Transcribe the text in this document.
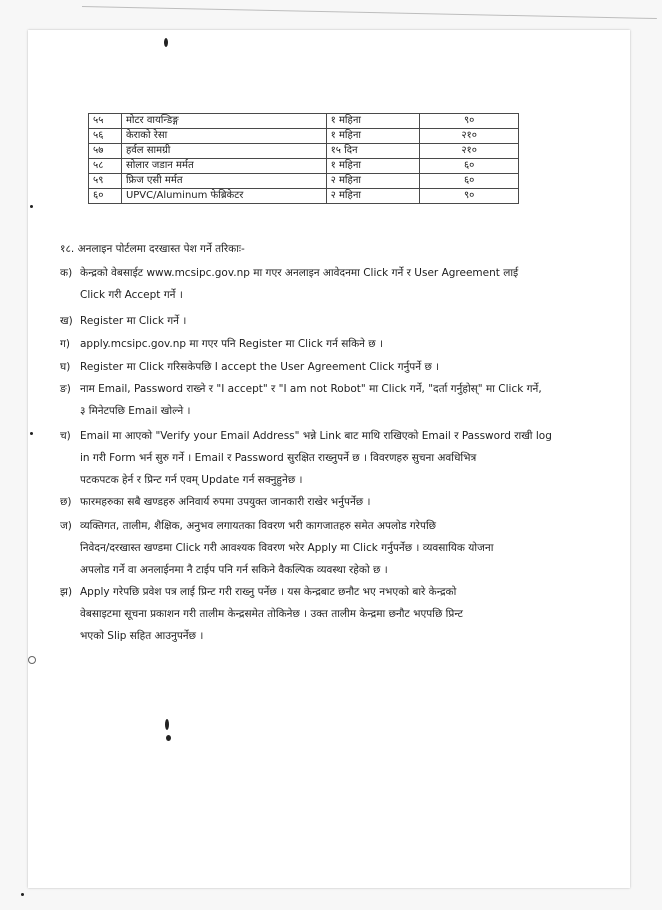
५५	मोटर वायन्डिङ्ग	१ महिना	९०
५६	केराको रेसा	१ महिना	२१०
५७	हर्वल सामग्री	१५ दिन	२१०
५८	सोलार जडान मर्मत	१ महिना	६०
५९	फ्रिज एसी मर्मत	२ महिना	६०
६०	UPVC/Aluminum फेब्रिकेटर	२ महिना	९०
१८. अनलाइन पोर्टलमा दरखास्त पेश गर्ने तरिकाः-
क) केन्द्रको वेबसाईट www.mcsipc.gov.np मा गएर अनलाइन आवेदनमा Click गर्ने र User Agreement लाई
Click गरी Accept गर्ने ।
ख) Register मा Click गर्ने ।
ग) apply.mcsipc.gov.np मा गएर पनि Register मा Click गर्न सकिने छ ।
घ) Register मा Click गरिसकेपछि I accept the User Agreement Click गर्नुपर्ने छ ।
ङ) नाम Email, Password राख्ने र "I accept" र "I am not Robot" मा Click गर्ने, "दर्ता गर्नुहोस्" मा Click गर्ने,
३ मिनेटपछि Email खोल्ने ।
च) Email मा आएको "Verify your Email Address" भन्ने Link बाट माथि राखिएको Email र Password राखी log
in गरी Form भर्न सुरु गर्ने । Email र Password सुरक्षित राख्नुपर्ने छ । विवरणहरु सुचना अवधिभित्र
पटकपटक हेर्न र प्रिन्ट गर्न एवम् Update गर्न सक्नुहुनेछ ।
छ) फारमहरुका सबै खण्डहरु अनिवार्य रुपमा उपयुक्त जानकारी राखेर भर्नुपर्नेछ ।
ज) व्यक्तिगत, तालीम, शैक्षिक, अनुभव लगायतका विवरण भरी कागजातहरु समेत अपलोड गरेपछि
निवेदन/दरखास्त खण्डमा Click गरी आवश्यक विवरण भरेर Apply मा Click गर्नुपर्नेछ । व्यवसायिक योजना
अपलोड गर्ने वा अनलाईनमा नै टाईप पनि गर्न सकिने वैकल्पिक व्यवस्था रहेको छ ।
झ) Apply गरेपछि प्रवेश पत्र लाई प्रिन्ट गरी राख्नु पर्नेछ । यस केन्द्रबाट छनौट भए नभएको बारे केन्द्रको
वेबसाइटमा सूचना प्रकाशन गरी तालीम केन्द्रसमेत तोकिनेछ । उक्त तालीम केन्द्रमा छनौट भएपछि प्रिन्ट
भएको Slip सहित आउनुपर्नेछ ।
